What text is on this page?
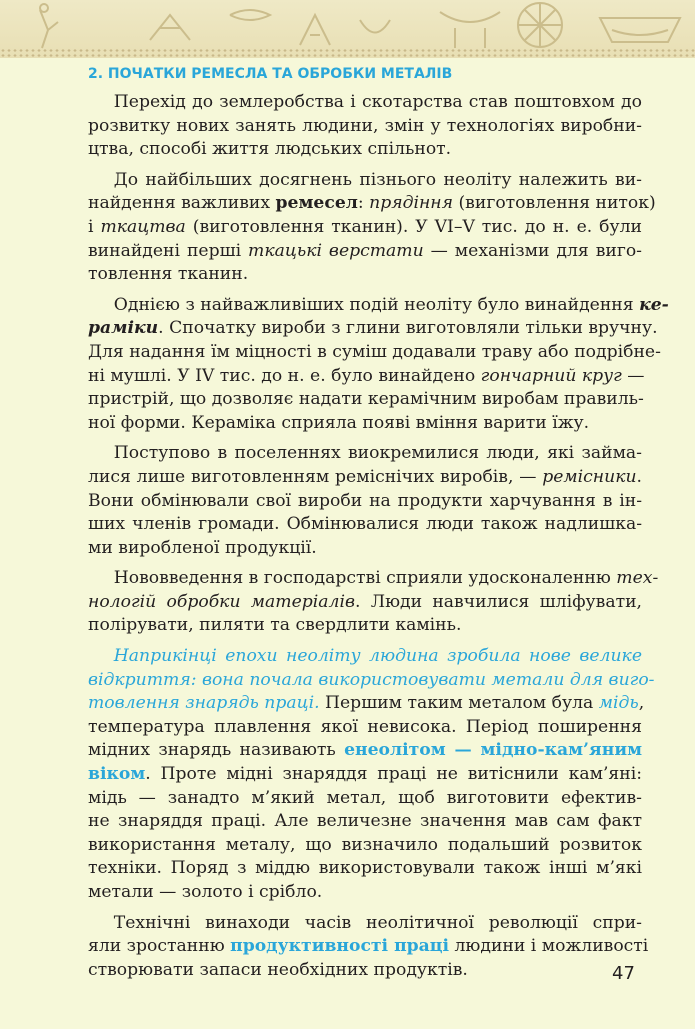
2. ПОЧАТКИ РЕМЕСЛА ТА ОБРОБКИ МЕТАЛІВ

  Перехід до землеробства і скотарства став поштовхом до
розвитку нових занять людини, змін у технологіях виробни-
цтва, способі життя людських спільнот.

  До найбільших досягнень пізнього неоліту належить ви-
найдення важливих ремесел: прядіння (виготовлення ниток)
і ткацтва (виготовлення тканин). У VI–V тис. до н. е. були
винайдені перші ткацькі верстати — механізми для виго-
товлення тканин.

  Однією з найважливіших подій неоліту було винайдення ке-
раміки. Спочатку вироби з глини виготовляли тільки вручну.
Для надання їм міцності в суміш додавали траву або подрібне-
ні мушлі. У IV тис. до н. е. було винайдено гончарний круг —
пристрій, що дозволяє надати керамічним виробам правиль-
ної форми. Кераміка сприяла появі вміння варити їжу.

  Поступово в поселеннях виокремилися люди, які займа-
лися лише виготовленням реміснічих виробів, — ремісники.
Вони обмінювали свої вироби на продукти харчування в ін-
ших членів громади. Обмінювалися люди також надлишка-
ми виробленої продукції.

  Нововведення в господарстві сприяли удосконаленню тех-
нологій обробки матеріалів. Люди навчилися шліфувати,
полірувати, пиляти та свердлити камінь.

  Наприкінці епохи неоліту людина зробила нове велике
відкриття: вона почала використовувати метали для виго-
товлення знарядь праці. Першим таким металом була мідь,
температура плавлення якої невисока. Період поширення
мідних знарядь називають енеолітом — мідно-кам’яним
віком. Проте мідні знаряддя праці не витіснили кам’яні:
мідь — занадто м’який метал, щоб виготовити ефектив-
не знаряддя праці. Але величезне значення мав сам факт
використання металу, що визначило подальший розвиток
техніки. Поряд з міддю використовували також інші м’які
метали — золото і срібло.

  Технічні винаходи часів неолітичної революції спри-
яли зростанню продуктивності праці людини і можливості
створювати запаси необхідних продуктів.	47
